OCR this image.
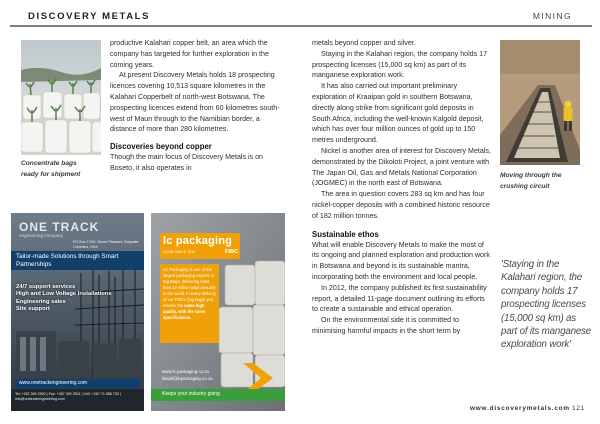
DISCOVERY METALS	MINING
Concentrate bags
ready for shipment	Moving through the
crushing circuit

productive Kalahari copper belt, an area which the company has targeted for further exploration in the coming years.

At present Discovery Metals holds 18 prospecting licences covering 10,513 square kilometres in the Kalahari Copperbelt of north-west Botswana. The prospecting licences extend from 60 kilometres south-west of Maun through to the Namibian border, a distance of more than 280 kilometres.

Discoveries beyond copper

Though the main focus of Discovery Metals is on Boseto, it also operates in

metals beyond copper and silver.

Staying in the Kalahari region, the company holds 17 prospecting licenses (15,000 sq km) as part of its manganese exploration work.

It has also carried out important preliminary exploration of Kraaipan gold in southern Botswana, directly along strike from significant gold deposits in South Africa, including the well-known Kalgold deposit, which has over four million ounces of gold up to 150 metres underground.

Nickel is another area of interest for Discovery Metals, demonstrated by the Dikoloti Project, a joint venture with The Japan Oil, Gas and Metals National Corporation (JOGMEC) in the north east of Botswana.

The area in question covers 283 sq km and has four nickel-copper deposits with a combined historic resource of 182 million tonnes.

Sustainable ethos

What will enable Discovery Metals to make the most of its ongoing and planned exploration and production work in Botswana and beyond is its sustainable mantra, incorporating both the environment and local people.

In 2012, the company published its first sustainability report, a detailed 11-page document outlining its efforts to create a sustainable and ethical operation.

On the environmental side it is committed to minimising harmful impacts in the short term by

'Staying in the Kalahari region, the company holds 17 prospecting licenses (15,000 sq km) as part of its manganese exploration work'
ONE TRACK
engineering company
PO Box 2 000, Mount Pleasant, Brigadier Cummins, Glen
Tailor-made Solutions through Smart Partnerships
24/7 support services
High and Low Voltage Installations
Engineering sales
Site support
www.onetrackengineering.com
Tel: +267 390 2500 | Fax: +267 390 2501 | Cell: +267 71 556 733 | info@onetrackengineering.com
lc packaging
LOYAL SINCE 1919	FIBC
LC Packaging is one of the largest packaging experts in Big Bags, delivering more than 13 million bags annually in the world. In every delivery of our FIBCs (big bags) you receive the same high quality, with the same specifications.
www.lc-packaging.co.za
lisalaf@lcpackaging.co.za
Keeps your industry going
www.discoverymetals.com 121
